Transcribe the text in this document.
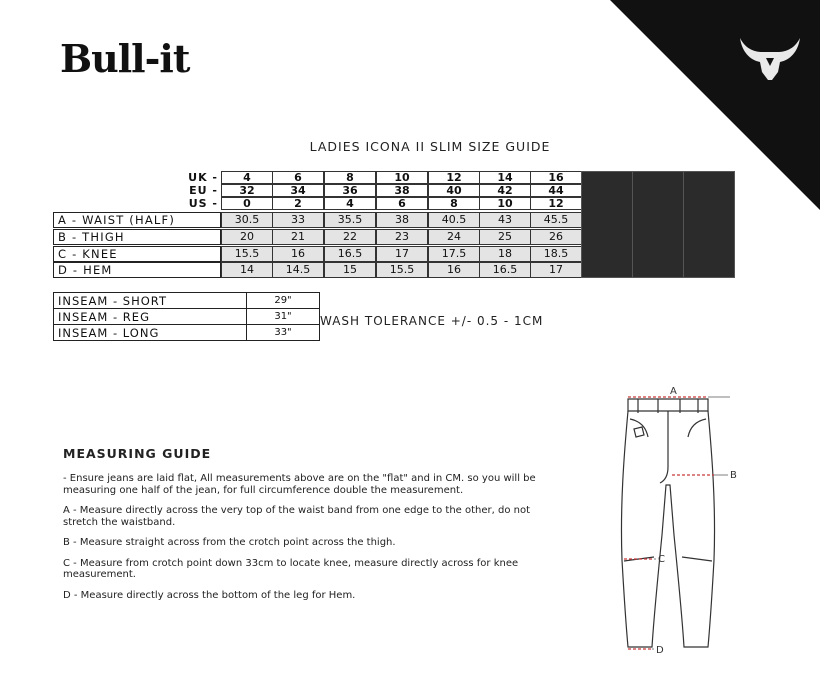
Bull-it
LADIES ICONA II SLIM SIZE GUIDE
UK -	4	6	8	10	12	14	16
EU -	32	34	36	38	40	42	44
US -	0	2	4	6	8	10	12
A - WAIST (HALF)	30.5	33	35.5	38	40.5	43	45.5
B - THIGH	20	21	22	23	24	25	26
C - KNEE	15.5	16	16.5	17	17.5	18	18.5
D - HEM	14	14.5	15	15.5	16	16.5	17
INSEAM - SHORT	29"
INSEAM - REG	31"
INSEAM - LONG	33"
WASH TOLERANCE +/- 0.5 - 1CM
MEASURING GUIDE

- Ensure jeans are laid flat, All measurements above are on the "flat" and in CM. so you will be measuring one half of the jean, for full circumference double the measurement.

A - Measure directly across the very top of the waist band from one edge to the other, do not stretch the waistband.

B - Measure straight across from the crotch point across the thigh.

C - Measure from crotch point down 33cm to locate knee, measure directly across for knee measurement.

D - Measure directly across the bottom of the leg for Hem.

A
B
C
D
